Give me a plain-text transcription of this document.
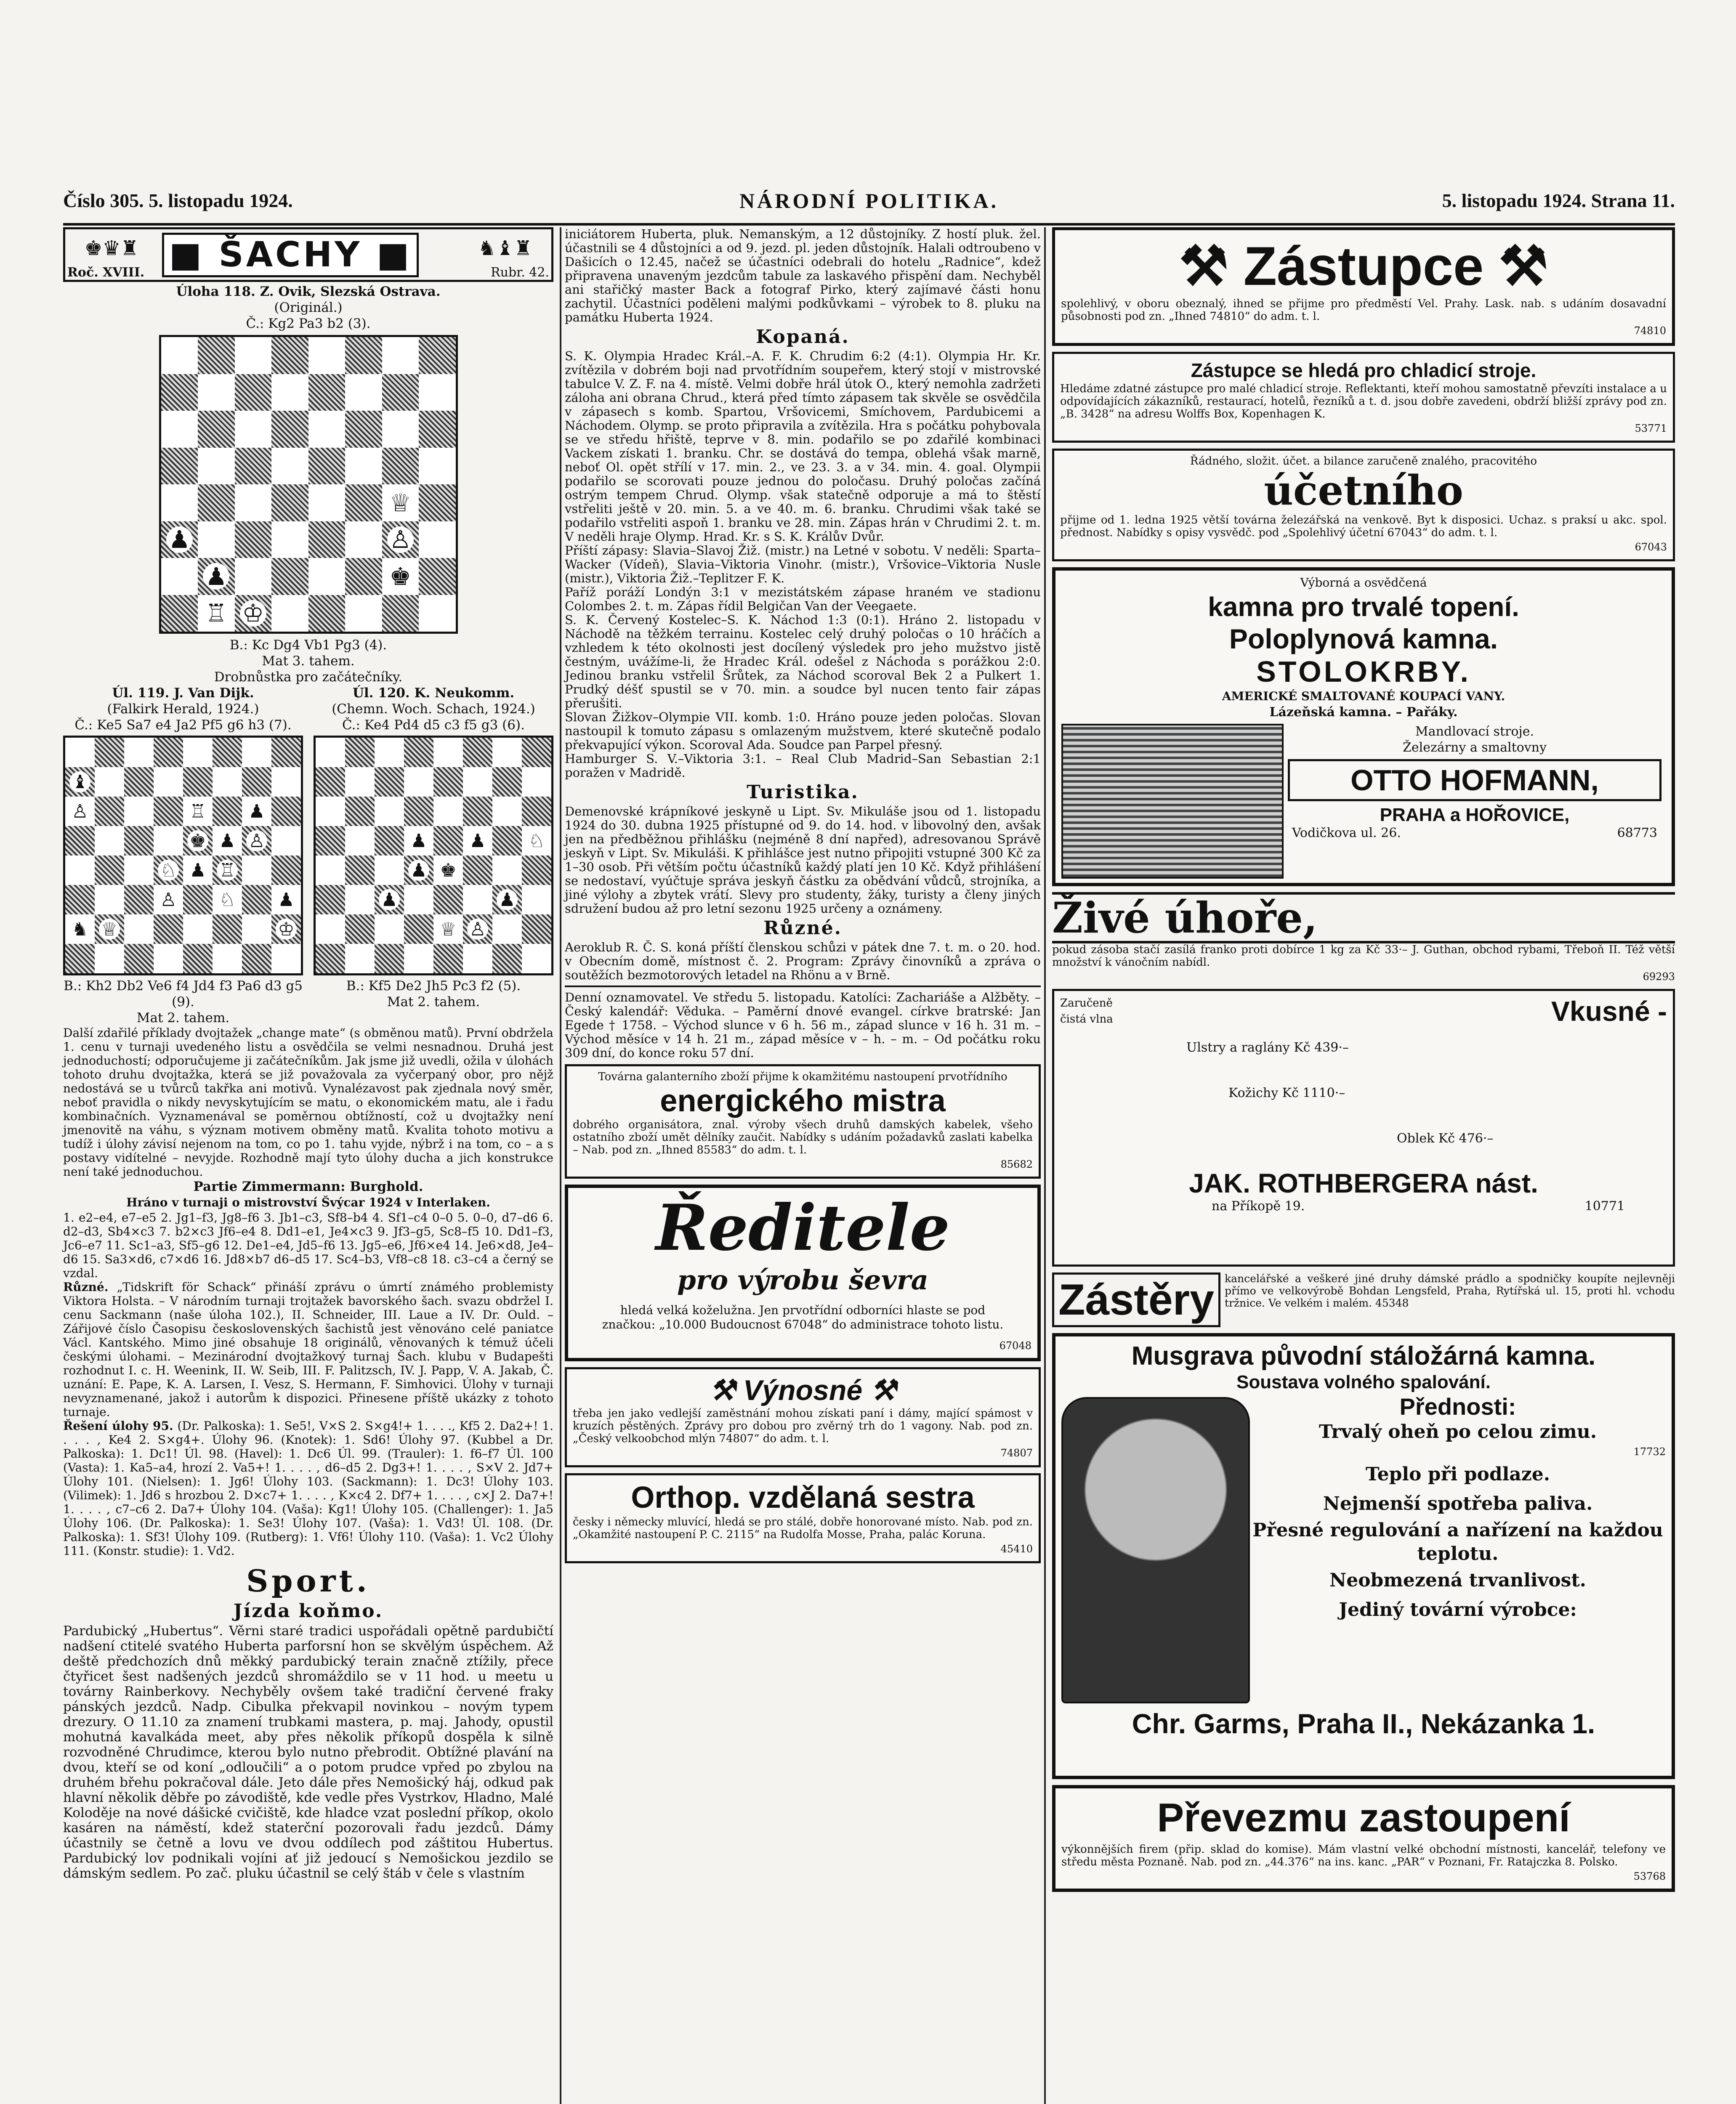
Číslo 305. 5. listopadu 1924.	NÁRODNÍ POLITIKA.	5. listopadu 1924. Strana 11.
♚♛♜ ■ ŠACHY ■	♞♝♜
Roč. XVIII.	Rubr. 42.

Úloha 118. Z. Ovik, Slezská Ostrava.

(Originál.)

Č.: Kg2 Pa3 b2 (3).

♕
♟	♙
♟	♚
♖ ♔

B.: Kc Dg4 Vb1 Pg3 (4).

Mat 3. tahem.

Drobnůstka pro začátečníky.

Úl. 119. J. Van Dijk.

(Falkirk Herald, 1924.)

Č.: Ke5 Sa7 e4 Ja2 Pf5 g6 h3 (7).

♝
♙	♖ ♟
♚ ♟ ♙
♘ ♟ ♖
♙ ♘ ♟
♞ ♕	♔

B.: Kh2 Db2 Ve6 f4 Jd4 f3 Pa6 d3 g5 (9).

Mat 2. tahem.

Úl. 120. K. Neukomm.

(Chemn. Woch. Schach, 1924.)

Č.: Ke4 Pd4 d5 c3 f5 g3 (6).

♟ ♟ ♘
♟ ♚
♟	♟
♕ ♙

B.: Kf5 De2 Jh5 Pc3 f2 (5).

Mat 2. tahem.

Další zdařilé příklady dvojtažek „change mate“ (s obměnou matů). První obdržela 1. cenu v turnaji uvedeného listu a osvědčila se velmi nesnadnou. Druhá jest jednoduchostí; odporučujeme ji začátečníkům. Jak jsme již uvedli, ožila v úlohách tohoto druhu dvojtažka, která se již považovala za vyčerpaný obor, pro nějž nedostává se u tvůrců takřka ani motivů. Vynalézavost pak zjednala nový směr, neboť pravidla o nikdy nevyskytujícím se matu, o ekonomickém matu, ale i řadu kombinačních. Vyznamenával se poměrnou obtížností, což u dvojtažky není jmenovitě na váhu, s význam motivem obměny matů. Kvalita tohoto motivu a tudíž i úlohy závisí nejenom na tom, co po 1. tahu vyjde, nýbrž i na tom, co – a s postavy vidítelné – nevyjde. Rozhodně mají tyto úlohy ducha a jich konstrukce není také jednoduchou.

Partie Zimmermann: Burghold.

Hráno v turnaji o mistrovství Švýcar 1924 v Interlaken.

1. e2–e4, e7–e5 2. Jg1–f3, Jg8–f6 3. Jb1–c3, Sf8–b4 4. Sf1–c4 0–0 5. 0–0, d7–d6 6. d2–d3, Sb4×c3 7. b2×c3 Jf6–e4 8. Dd1–e1, Je4×c3 9. Jf3–g5, Sc8–f5 10. Dd1–f3, Jc6–e7 11. Sc1–a3, Sf5–g6 12. De1–e4, Jd5–f6 13. Jg5–e6, Jf6×e4 14. Je6×d8, Je4–d6 15. Sa3×d6, c7×d6 16. Jd8×b7 d6–d5 17. Sc4–b3, Vf8–c8 18. c3–c4 a černý se vzdal.

Různé. „Tidskrift för Schack“ přináší zprávu o úmrtí známého problemisty Viktora Holsta. – V národním turnaji trojtažek bavorského šach. svazu obdržel I. cenu Sackmann (naše úloha 102.), II. Schneider, III. Laue a IV. Dr. Ould. – Zářijové číslo Časopisu československých šachistů jest věnováno celé paniatce Václ. Kantského. Mimo jiné obsahuje 18 originálů, věnovaných k témuž účeli českými úlohami. – Mezinárodní dvojtažkový turnaj Šach. klubu v Budapešti rozhodnut I. c. H. Weenink, II. W. Seib, III. F. Palitzsch, IV. J. Papp, V. A. Jakab, Č. uznání: E. Pape, K. A. Larsen, I. Vesz, S. Hermann, F. Simhovici. Úlohy v turnaji nevyznamenané, jakož i autorům k dispozici. Přinesene příště ukázky z tohoto turnaje.

Řešení úlohy 95. (Dr. Palkoska): 1. Se5!, V×S 2. S×g4!+ 1. . . ., Kf5 2. Da2+! 1. . . . , Ke4 2. S×g4+. Úlohy 96. (Knotek): 1. Sd6! Úlohy 97. (Kubbel a Dr. Palkoska): 1. Dc1! Úl. 98. (Havel): 1. Dc6 Úl. 99. (Trauler): 1. f6–f7 Úl. 100 (Vasta): 1. Ka5–a4, hrozí 2. Va5+! 1. . . . , d6–d5 2. Dg3+! 1. . . . , S×V 2. Jd7+ Úlohy 101. (Nielsen): 1. Jg6! Úlohy 103. (Sackmann): 1. Dc3! Úlohy 103. (Vilimek): 1. Jd6 s hrozbou 2. D×c7+ 1. . . . , K×c4 2. Df7+ 1. . . . , c×J 2. Da7+! 1. . . . , c7–c6 2. Da7+ Úlohy 104. (Vaša): Kg1! Úlohy 105. (Challenger): 1. Ja5 Úlohy 106. (Dr. Palkoska): 1. Se3! Úlohy 107. (Vaša): 1. Vd3! Úl. 108. (Dr. Palkoska): 1. Sf3! Úlohy 109. (Rutberg): 1. Vf6! Úlohy 110. (Vaša): 1. Vc2 Úlohy 111. (Konstr. studie): 1. Vd2.

Sport.
Jízda koňmo.

Pardubický „Hubertus“. Věrni staré tradici uspořádali opětně pardubičtí nadšení ctitelé svatého Huberta parforsní hon se skvělým úspěchem. Až deště předchozích dnů měkký pardubický terain značně ztížily, přece čtyřicet šest nadšených jezdců shromáždilo se v 11 hod. u meetu u továrny Rainberkovy. Nechyběly ovšem také tradiční červené fraky pánských jezdců. Nadp. Cibulka překvapil novinkou – novým typem drezury. O 11.10 za znamení trubkami mastera, p. maj. Jahody, opustil mohutná kavalkáda meet, aby přes několik příkopů dospěla k silně rozvodněné Chrudimce, kterou bylo nutno přebrodit. Obtížné plavání na dvou, kteří se od koní „odloučili“ a o potom prudce vpřed po zbylou na druhém břehu pokračoval dále. Jeto dále přes Nemošický háj, odkud pak hlavní několik děbře po závodiště, kde vedle přes Vystrkov, Hladno, Malé Koloděje na nové dášické cvičiště, kde hladce vzat poslední příkop, okolo kasáren na náměstí, kdež staterční pozorovali řadu jezdců. Dámy účastnily se četně a lovu ve dvou oddílech pod záštitou Hubertus. Pardubický lov podnikali vojíni ať již jedoucí s Nemošickou jezdilo se dámským sedlem. Po zač. pluku účastnil se celý štáb v čele s vlastním

iniciátorem Huberta, pluk. Nemanským, a 12 důstojníky. Z hostí pluk. žel. účastnili se 4 důstojníci a od 9. jezd. pl. jeden důstojník. Halali odtroubeno v Dašicích o 12.45, načež se účastníci odebrali do hotelu „Radnice“, kdež připravena unaveným jezdcům tabule za laskavého přispění dam. Nechyběl ani stařičký master Back a fotograf Pirko, který zajímavé části honu zachytil. Účastníci poděleni malými podkůvkami – výrobek to 8. pluku na památku Huberta 1924.

Kopaná.

S. K. Olympia Hradec Král.–A. F. K. Chrudim 6:2 (4:1). Olympia Hr. Kr. zvítězila v dobrém boji nad prvotřídním soupeřem, který stojí v mistrovské tabulce V. Z. F. na 4. místě. Velmi dobře hrál útok O., který nemohla zadržeti záloha ani obrana Chrud., která před tímto zápasem tak skvěle se osvědčila v zápasech s komb. Spartou, Vršovicemi, Smíchovem, Pardubicemi a Náchodem. Olymp. se proto připravila a zvítězila. Hra s počátku pohybovala se ve středu hřiště, teprve v 8. min. podařilo se po zdařilé kombinaci Vackem získati 1. branku. Chr. se dostává do tempa, oblehá však marně, neboť Ol. opět střílí v 17. min. 2., ve 23. 3. a v 34. min. 4. goal. Olympii podařilo se scorovati pouze jednou do poločasu. Druhý poločas začíná ostrým tempem Chrud. Olymp. však statečně odporuje a má to štěstí vstřeliti ještě v 20. min. 5. a ve 40. m. 6. branku. Chrudimi však také se podařilo vstřeliti aspoň 1. branku ve 28. min. Zápas hrán v Chrudimi 2. t. m. V neděli hraje Olymp. Hrad. Kr. s S. K. Králův Dvůr.

Příští zápasy: Slavia–Slavoj Žiž. (mistr.) na Letné v sobotu. V neděli: Sparta–Wacker (Vídeň), Slavia–Viktoria Vinohr. (mistr.), Vršovice–Viktoria Nusle (mistr.), Viktoria Žiž.–Teplitzer F. K.

Paříž poráží Londýn 3:1 v mezistátském zápase hraném ve stadionu Colombes 2. t. m. Zápas řídil Belgičan Van der Veegaete.

S. K. Červený Kostelec–S. K. Náchod 1:3 (0:1). Hráno 2. listopadu v Náchodě na těžkém terrainu. Kostelec celý druhý poločas o 10 hráčích a vzhledem k této okolnosti jest docílený výsledek pro jeho mužstvo jistě čestným, uvážíme-li, že Hradec Král. odešel z Náchoda s porážkou 2:0. Jedinou branku vstřelil Šrůtek, za Náchod scoroval Bek 2 a Pulkert 1. Prudký déšť spustil se v 70. min. a soudce byl nucen tento fair zápas přerušiti.

Slovan Žižkov–Olympie VII. komb. 1:0. Hráno pouze jeden poločas. Slovan nastoupil k tomuto zápasu s omlazeným mužstvem, které skutečně podalo překvapující výkon. Scoroval Ada. Soudce pan Parpel přesný.

Hamburger S. V.–Viktoria 3:1. – Real Club Madrid–San Sebastian 2:1 poražen v Madridě.

Turistika.

Demenovské krápníkové jeskyně u Lipt. Sv. Mikuláše jsou od 1. listopadu 1924 do 30. dubna 1925 přístupné od 9. do 14. hod. v libovolný den, avšak jen na předběžnou přihlášku (nejméně 8 dní napřed), adresovanou Správě jeskyň v Lipt. Sv. Mikuláši. K přihlášce jest nutno připojiti vstupné 300 Kč za 1–30 osob. Při větším počtu účastníků každý platí jen 10 Kč. Když přihlášení se nedostaví, vyúčtuje správa jeskyň částku za obědvání vůdců, strojníka, a jiné výlohy a zbytek vrátí. Slevy pro studenty, žáky, turisty a členy jiných sdružení budou až pro letní sezonu 1925 určeny a oznámeny.

Různé.

Aeroklub R. Č. S. koná příští členskou schůzi v pátek dne 7. t. m. o 20. hod. v Obecním domě, místnost č. 2. Program: Zprávy činovníků a zpráva o soutěžích bezmotorových letadel na Rhönu a v Brně.

Denní oznamovatel. Ve středu 5. listopadu. Katolíci: Zachariáše a Alžběty. – Český kalendář: Věduka. – Paměrní dnové evangel. církve bratrské: Jan Egede † 1758. – Východ slunce v 6 h. 56 m., západ slunce v 16 h. 31 m. – Východ měsíce v 14 h. 21 m., západ měsíce v – h. – m. – Od počátku roku 309 dní, do konce roku 57 dní.

Továrna galanterního zboží přijme k okamžitému nastoupení prvotřídního

energického mistra

dobrého organisátora, znal. výroby všech druhů damských kabelek, všeho ostatního zboží umět dělníky zaučit. Nabídky s udáním požadavků zaslati kabelka – Nab. pod zn. „Ihned 85583“ do adm. t. l.

85682

Ředitele
pro výrobu ševra

hledá velká koželužna. Jen prvotřídní odborníci hlaste se pod značkou: „10.000 Budoucnost 67048“ do administrace tohoto listu.

67048

⚒ Výnosné ⚒

třeba jen jako vedlejší zaměstnání mohou získati paní i dámy, mající spámost v kruzích pěstěných. Zprávy pro dobou pro zvěrný trh do 1 vagony. Nab. pod zn. „Český velkoobchod mlýn 74807“ do adm. t. l.

74807

Orthop. vzdělaná sestra

česky i německy mluvící, hledá se pro stálé, dobře honorované místo. Nab. pod zn. „Okamžité nastoupení P. C. 2115“ na Rudolfa Mosse, Praha, palác Koruna.

45410

⚒ Zástupce ⚒

spolehlivý, v oboru obeznalý, ihned se přijme pro předměstí Vel. Prahy. Lask. nab. s udáním dosavadní působnosti pod zn. „Ihned 74810“ do adm. t. l.

74810

Zástupce se hledá pro chladicí stroje.

Hledáme zdatné zástupce pro malé chladicí stroje. Reflektanti, kteří mohou samostatně převzíti instalace a u odpovídajících zákazníků, restaurací, hotelů, řezníků a t. d. jsou dobře zavedeni, obdrží bližší zprávy pod zn. „B. 3428“ na adresu Wolffs Box, Kopenhagen K.

53771

Řádného, složit. účet. a bilance zaručeně znalého, pracovitého

účetního

přijme od 1. ledna 1925 větší továrna železářská na venkově. Byt k disposici. Uchaz. s praksí u akc. spol. přednost. Nabídky s opisy vysvědč. pod „Spolehlivý účetní 67043“ do adm. t. l.

67043

Výborná a osvědčená

kamna pro trvalé topení.
Poloplynová kamna.
STOLOKRBY.

AMERICKÉ SMALTOVANÉ KOUPACÍ VANY.

Lázeňská kamna. – Pařáky.

Mandlovací stroje.

Železárny a smaltovny

OTTO HOFMANN,
PRAHA a HOŘOVICE,
Vodičkova ul. 26.	68773
Živé úhoře,

pokud zásoba stačí zasílá franko proti dobírce 1 kg za Kč 33·– J. Guthan, obchod rybami, Třeboň II. Též větší množství k vánočním nabídl.

69293

Zaručeně čistá vlna	Vkusné -

Ulstry a raglány Kč 439·–

Kožichy Kč 1110·–

Oblek Kč 476·–

JAK. ROTHBERGERA nást.
na Příkopě 19.	10771
Zástěry	kancelářské a veškeré jiné druhy dámské prádlo a spodničky koupíte nejlevněji přímo ve velkovýrobě Bohdan Lengsfeld, Praha, Rytířská ul. 15, proti hl. vchodu tržnice. Ve velkém i malém. 45348

Musgrava původní stáložárná kamna.
Soustava volného spalování.
Přednosti:

Trvalý oheň po celou zimu.

17732

Teplo při podlaze.

Nejmenší spotřeba paliva.

Přesné regulování a nařízení na každou teplotu.

Neobmezená trvanlivost.

Jediný tovární výrobce:

Chr. Garms, Praha II., Nekázanka 1.
Převezmu zastoupení

výkonnějších firem (přip. sklad do komise). Mám vlastní velké obchodní místnosti, kancelář, telefony ve středu města Poznaně. Nab. pod zn. „44.376“ na ins. kanc. „PAR“ v Poznani, Fr. Ratajczka 8. Polsko.

53768
